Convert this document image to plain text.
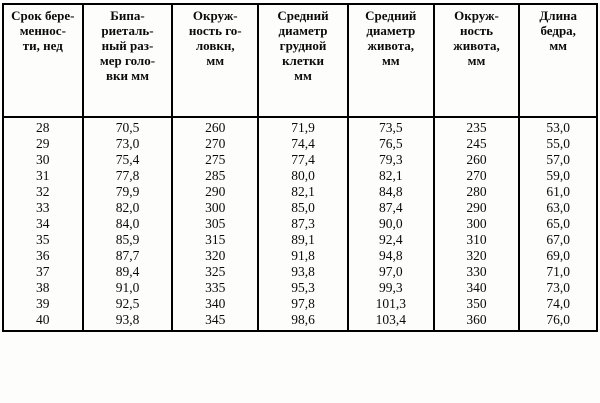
Срок бере-
меннос-
ти, нед	Бипа-
риеталь-
ный раз-
мер голо-
вки мм	Окруж-
ность го-
ловкн,
мм	Средний
диаметр
грудной
клетки
мм	Средний
диаметр
живота,
мм	Окруж-
ность
живота,
мм	Длина
бедра,
мм

28	70,5	260	71,9	73,5	235	53,0
29	73,0	270	74,4	76,5	245	55,0
30	75,4	275	77,4	79,3	260	57,0
31	77,8	285	80,0	82,1	270	59,0
32	79,9	290	82,1	84,8	280	61,0
33	82,0	300	85,0	87,4	290	63,0
34	84,0	305	87,3	90,0	300	65,0
35	85,9	315	89,1	92,4	310	67,0
36	87,7	320	91,8	94,8	320	69,0
37	89,4	325	93,8	97,0	330	71,0
38	91,0	335	95,3	99,3	340	73,0
39	92,5	340	97,8	101,3	350	74,0
40	93,8	345	98,6	103,4	360	76,0
